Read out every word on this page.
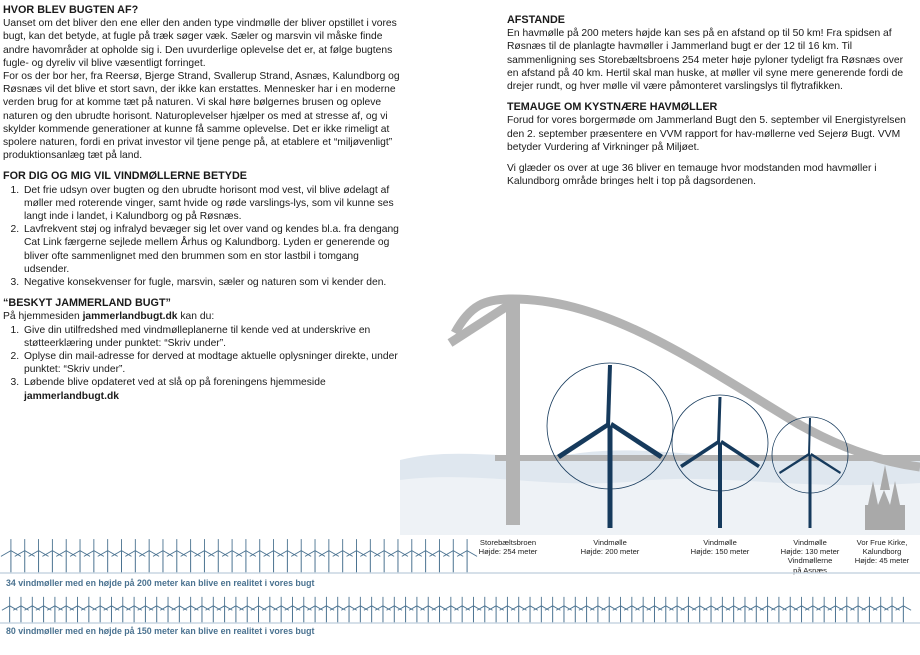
HVOR BLEV BUGTEN AF?

Uanset om det bliver den ene eller den anden type vindmølle der bliver opstillet i vores bugt, kan det betyde, at fugle på træk søger væk. Sæler og marsvin vil måske finde andre havområder at opholde sig i. Den uvurderlige oplevelse det er, at følge bugtens fugle- og dyreliv vil blive væsentligt forringet.

For os der bor her, fra Reersø, Bjerge Strand, Svallerup Strand, Asnæs, Kalundborg og Røsnæs vil det blive et stort savn, der ikke kan erstattes. Mennesker har i en moderne verden brug for at komme tæt på naturen. Vi skal høre bølgernes brusen og opleve naturen og den ubrudte horisont. Naturoplevelser hjælper os med at stresse af, og vi skylder kommende generationer at kunne få samme oplevelse. Det er ikke rimeligt at spolere naturen, fordi en privat investor vil tjene penge på, at etablere et “miljøvenligt” produktionsanlæg tæt på land.

FOR DIG OG MIG VIL VINDMØLLERNE BETYDE
1. Det frie udsyn over bugten og den ubrudte horisont mod vest, vil blive ødelagt af møller med roterende vinger, samt hvide og røde varslings-lys, som vil kunne ses langt inde i landet, i Kalundborg og på Røsnæs.
2. Lavfrekvent støj og infralyd bevæger sig let over vand og kendes bl.a. fra dengang Cat Link færgerne sejlede mellem Århus og Kalundborg. Lyden er generende og bliver ofte sammenlignet med den brummen som en stor lastbil i tomgang udsender.
3. Negative konsekvenser for fugle, marsvin, sæler og naturen som vi kender den.
“BESKYT JAMMERLAND BUGT”

På hjemmesiden jammerlandbugt.dk kan du:

1. Give din utilfredshed med vindmølleplanerne til kende ved at underskrive en støtteerklæring under punktet: “Skriv under”.
2. Oplyse din mail-adresse for derved at modtage aktuelle oplysninger direkte, under punktet: “Skriv under”.
3. Løbende blive opdateret ved at slå op på foreningens hjemmeside jammerlandbugt.dk
AFSTANDE

En havmølle på 200 meters højde kan ses på en afstand op til 50 km! Fra spidsen af Røsnæs til de planlagte havmøller i Jammerland bugt er der 12 til 16 km. Til sammenligning ses Storebæltsbroens 254 meter høje pyloner tydeligt fra Røsnæs over en afstand på 40 km. Hertil skal man huske, at møller vil syne mere generende fordi de drejer rundt, og hver mølle vil være påmonteret varslingslys til flytrafikken.

TEMAUGE OM KYSTNÆRE HAVMØLLER

Forud for vores borgermøde om Jammerland Bugt den 5. september vil Energistyrelsen den 2. september præsentere en VVM rapport for hav-møllerne ved Sejerø Bugt. VVM betyder Vurdering af Virkninger på Miljøet.

Vi glæder os over at uge 36 bliver en temauge hvor modstanden mod havmøller i Kalundborg område bringes helt i top på dagsordenen.

Storebæltsbroen
Højde: 254 meter
Vindmølle
Højde: 200 meter
Vindmølle
Højde: 150 meter
Vindmølle
Højde: 130 meter
Vindmøllerne
på Asnæs
Vor Frue Kirke,
Kalundborg
Højde: 45 meter
34 vindmøller med en højde på 200 meter kan blive en realitet i vores bugt
80 vindmøller med en højde på 150 meter kan blive en realitet i vores bugt
